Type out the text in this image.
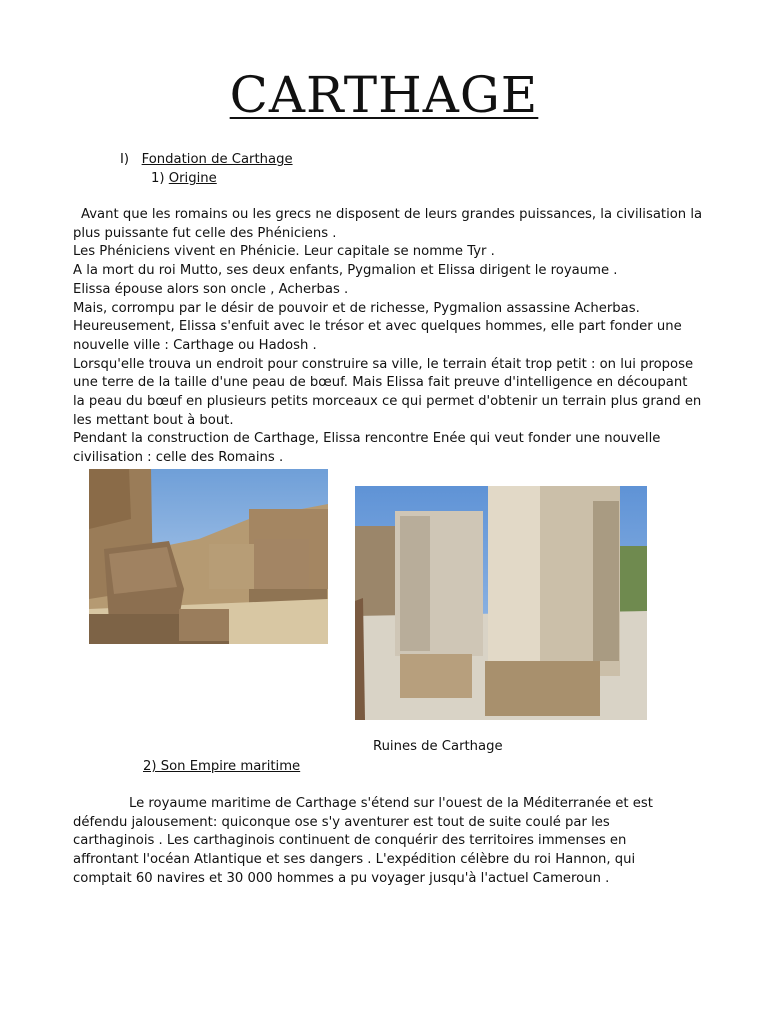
CARTHAGE
I) Fondation de Carthage
1) Origine

Avant que les romains ou les grecs ne disposent de leurs grandes puissances, la civilisation la plus puissante fut celle des Phéniciens .

Les Phéniciens vivent en Phénicie. Leur capitale se nomme Tyr .

A la mort du roi Mutto, ses deux enfants, Pygmalion et Elissa dirigent le royaume .

Elissa épouse alors son oncle , Acherbas .

Mais, corrompu par le désir de pouvoir et de richesse, Pygmalion assassine Acherbas.

Heureusement, Elissa s'enfuit avec le trésor et avec quelques hommes, elle part fonder une nouvelle ville : Carthage ou Hadosh .

Lorsqu'elle trouva un endroit pour construire sa ville, le terrain était trop petit : on lui propose une terre de la taille d'une peau de bœuf. Mais Elissa fait preuve d'intelligence en découpant la peau du bœuf en plusieurs petits morceaux ce qui permet d'obtenir un terrain plus grand en les mettant bout à bout.

Pendant la construction de Carthage, Elissa rencontre Enée qui veut fonder une nouvelle civilisation : celle des Romains .

Ruines de Carthage
2) Son Empire maritime

Le royaume maritime de Carthage s'étend sur l'ouest de la Méditerranée et est défendu jalousement: quiconque ose s'y aventurer est tout de suite coulé par les carthaginois . Les carthaginois continuent de conquérir des territoires immenses en affrontant l'océan Atlantique et ses dangers . L'expédition célèbre du roi Hannon, qui comptait 60 navires et 30 000 hommes a pu voyager jusqu'à l'actuel Cameroun .
